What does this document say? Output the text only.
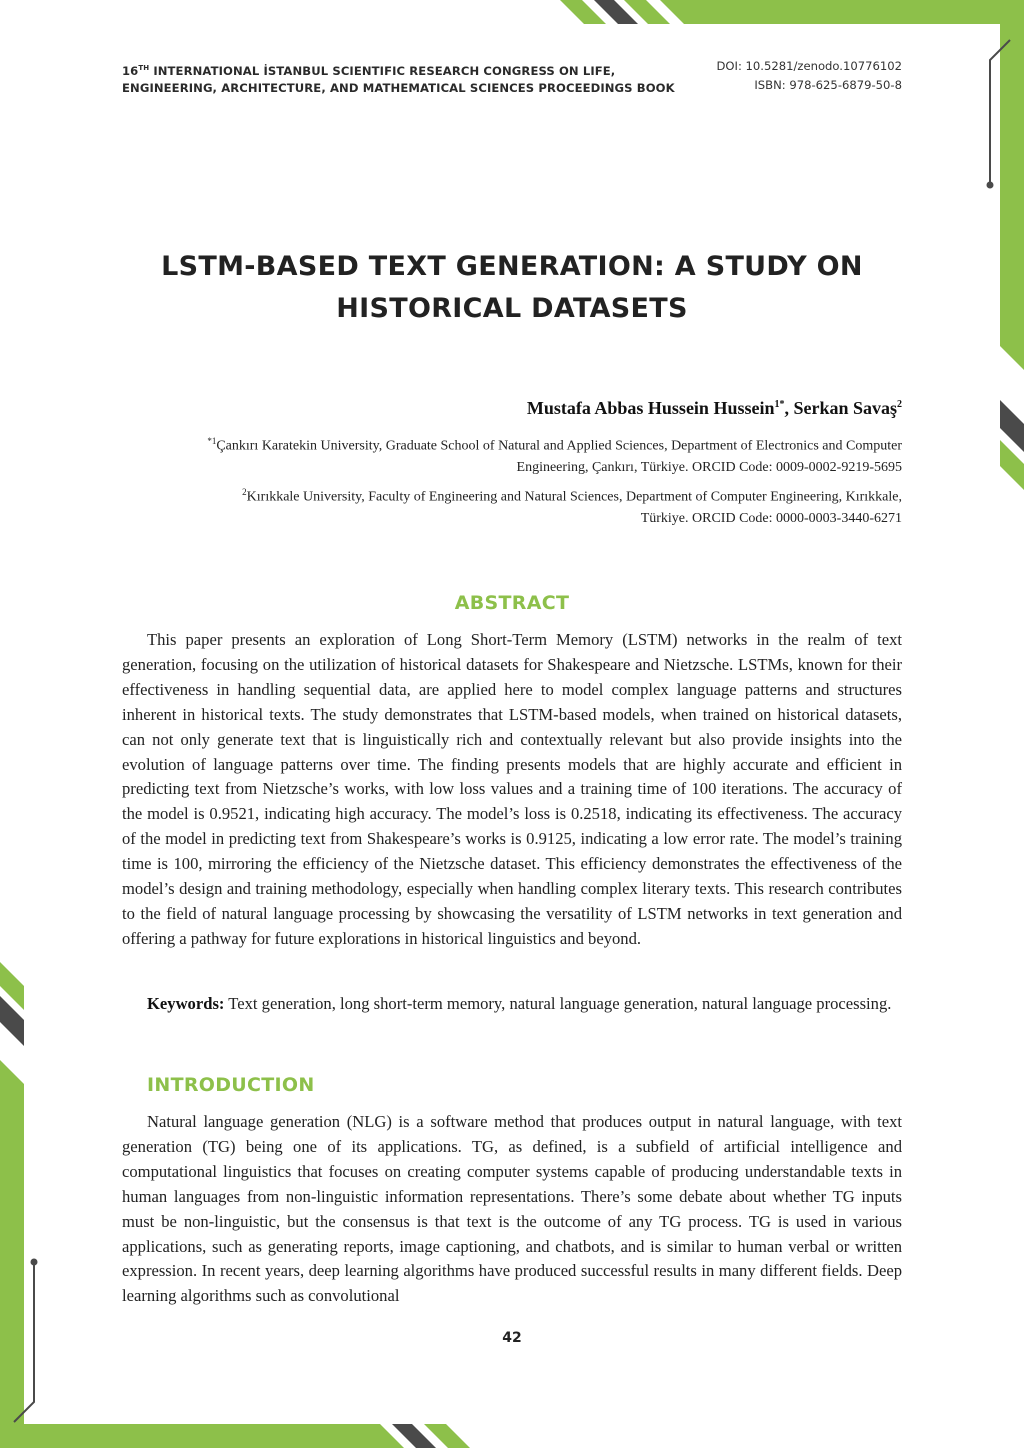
16TH INTERNATIONAL İSTANBUL SCIENTIFIC RESEARCH CONGRESS ON LIFE,
ENGINEERING, ARCHITECTURE, AND MATHEMATICAL SCIENCES PROCEEDINGS BOOK
DOI: 10.5281/zenodo.10776102
ISBN: 978-625-6879-50-8
LSTM-BASED TEXT GENERATION: A STUDY ON
HISTORICAL DATASETS
Mustafa Abbas Hussein Hussein$^{1*}$, Serkan Savaş$^2$
$^{*1}$Çankırı Karatekin University, Graduate School of Natural and Applied Sciences, Department of Electronics and Computer
Engineering, Çankırı, Türkiye. ORCID Code: 0009-0002-9219-5695
$^2$Kırıkkale University, Faculty of Engineering and Natural Sciences, Department of Computer Engineering, Kırıkkale,
Türkiye. ORCID Code: 0000-0003-3440-6271
ABSTRACT

This paper presents an exploration of Long Short-Term Memory (LSTM) networks in the realm of text generation, focusing on the utilization of historical datasets for Shakespeare and Nietzsche. LSTMs, known for their effectiveness in handling sequential data, are applied here to model complex language patterns and structures inherent in historical texts. The study demonstrates that LSTM-based models, when trained on historical datasets, can not only generate text that is linguistically rich and contextually relevant but also provide insights into the evolution of language patterns over time. The finding presents models that are highly accurate and efficient in predicting text from Nietzsche’s works, with low loss values and a training time of 100 iterations. The accuracy of the model is 0.9521, indicating high accuracy. The model’s loss is 0.2518, indicating its effectiveness. The accuracy of the model in predicting text from Shakespeare’s works is 0.9125, indicating a low error rate. The model’s training time is 100, mirroring the efficiency of the Nietzsche dataset. This efficiency demonstrates the effectiveness of the model’s design and training methodology, especially when handling complex literary texts. This research contributes to the field of natural language processing by showcasing the versatility of LSTM networks in text generation and offering a pathway for future explorations in historical linguistics and beyond.

Keywords: Text generation, long short-term memory, natural language generation, natural language processing.

INTRODUCTION

Natural language generation (NLG) is a software method that produces output in natural language, with text generation (TG) being one of its applications. TG, as defined, is a subfield of artificial intelligence and computational linguistics that focuses on creating computer systems capable of producing understandable texts in human languages from non-linguistic information representations. There’s some debate about whether TG inputs must be non-linguistic, but the consensus is that text is the outcome of any TG process. TG is used in various applications, such as generating reports, image captioning, and chatbots, and is similar to human verbal or written expression. In recent years, deep learning algorithms have produced successful results in many different fields. Deep learning algorithms such as convolutional

42
